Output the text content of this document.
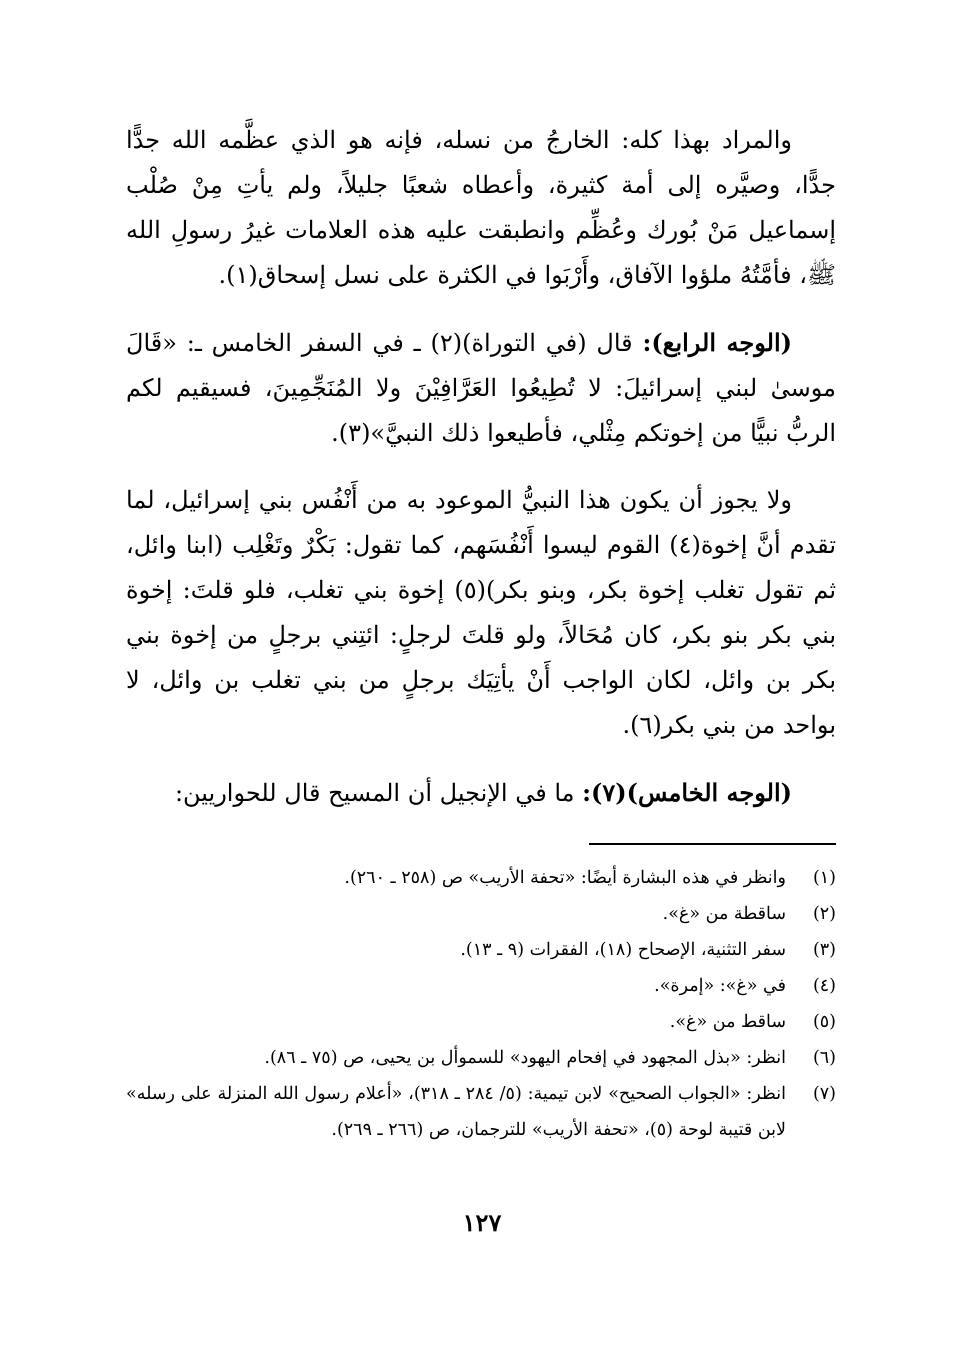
والمراد بهذا كله: الخارجُ من نسله، فإنه هو الذي عظَّمه الله جدًّا جدًّا، وصيَّره إلى أمة كثيرة، وأعطاه شعبًا جليلاً، ولم يأتِ مِنْ صُلْب إسماعيل مَنْ بُورك وعُظِّم وانطبقت عليه هذه العلامات غيرُ رسولِ الله ﷺ، فأمَّتُهُ ملؤوا الآفاق، وأَرْبَوا في الكثرة على نسل إسحاق(١).

(الوجه الرابع): قال (في التوراة)(٢) ـ في السفر الخامس ـ: «قَالَ موسىٰ لبني إسرائيلَ: لا تُطِيعُوا العَرَّافِيْنَ ولا المُنَجِّمِينَ، فسيقيم لكم الربُّ نبيًّا من إخوتكم مِثْلي، فأطيعوا ذلك النبيَّ»(٣).

ولا يجوز أن يكون هذا النبيُّ الموعود به من أَنْفُس بني إسرائيل، لما تقدم أنَّ إخوة(٤) القوم ليسوا أَنْفُسَهم، كما تقول: بَكْرٌ وتَغْلِب (ابنا وائل، ثم تقول تغلب إخوة بكر، وبنو بكر)(٥) إخوة بني تغلب، فلو قلتَ: إخوة بني بكر بنو بكر، كان مُحَالاً، ولو قلتَ لرجلٍ: ائتِني برجلٍ من إخوة بني بكر بن وائل، لكان الواجب أَنْ يأتِيَك برجلٍ من بني تغلب بن وائل، لا بواحد من بني بكر(٦).

(الوجه الخامس)(٧): ما في الإنجيل أن المسيح قال للحواريين:

(١)
وانظر في هذه البشارة أيضًا: «تحفة الأريب» ص (٢٥٨ ـ ٢٦٠).
(٢)
ساقطة من «غ».
(٣)
سفر التثنية، الإصحاح (١٨)، الفقرات (٩ ـ ١٣).
(٤)
في «غ»: «إمرة».
(٥)
ساقط من «غ».
(٦)
انظر: «بذل المجهود في إفحام اليهود» للسموأل بن يحيى، ص (٧٥ ـ ٨٦).
(٧)
انظر: «الجواب الصحيح» لابن تيمية: (٥/ ٢٨٤ ـ ٣١٨)، «أعلام رسول الله المنزلة على رسله» لابن قتيبة لوحة (٥)، «تحفة الأريب» للترجمان، ص (٢٦٦ ـ ٢٦٩).
١٢٧
